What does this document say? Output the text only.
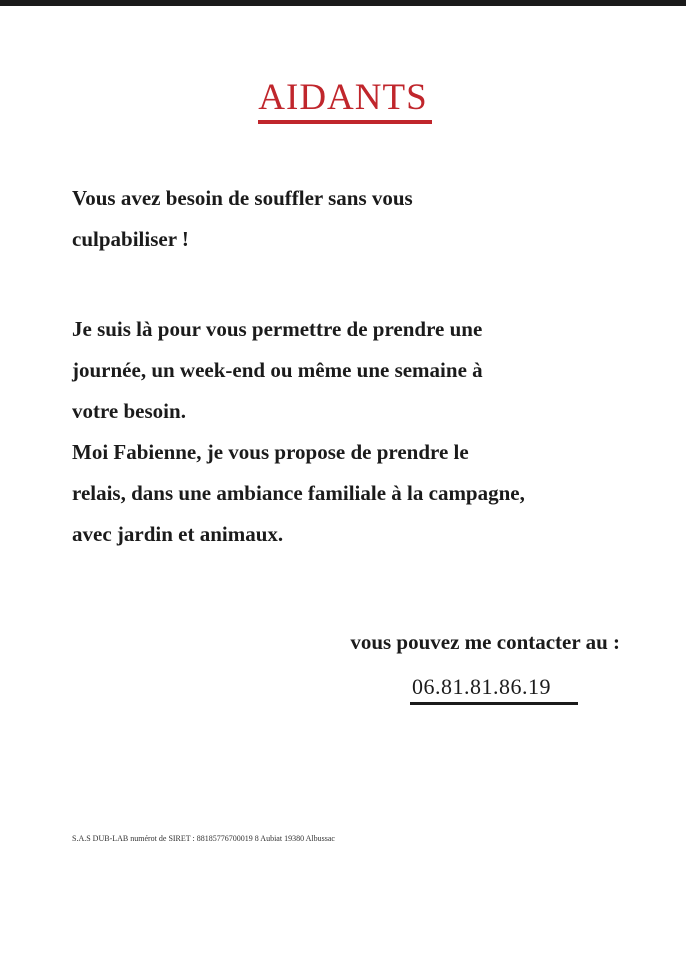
AIDANTS
Vous avez besoin de souffler sans vous
culpabiliser !
Je suis là pour vous permettre de prendre une
journée, un week-end ou même une semaine à
votre besoin.
Moi Fabienne, je vous propose de prendre le
relais, dans une ambiance familiale à la campagne,
avec jardin et animaux.
vous pouvez me contacter au :
06.81.81.86.19
S.A.S DUB-LAB numérot de SIRET : 88185776700019 8 Aubiat 19380 Albussac
